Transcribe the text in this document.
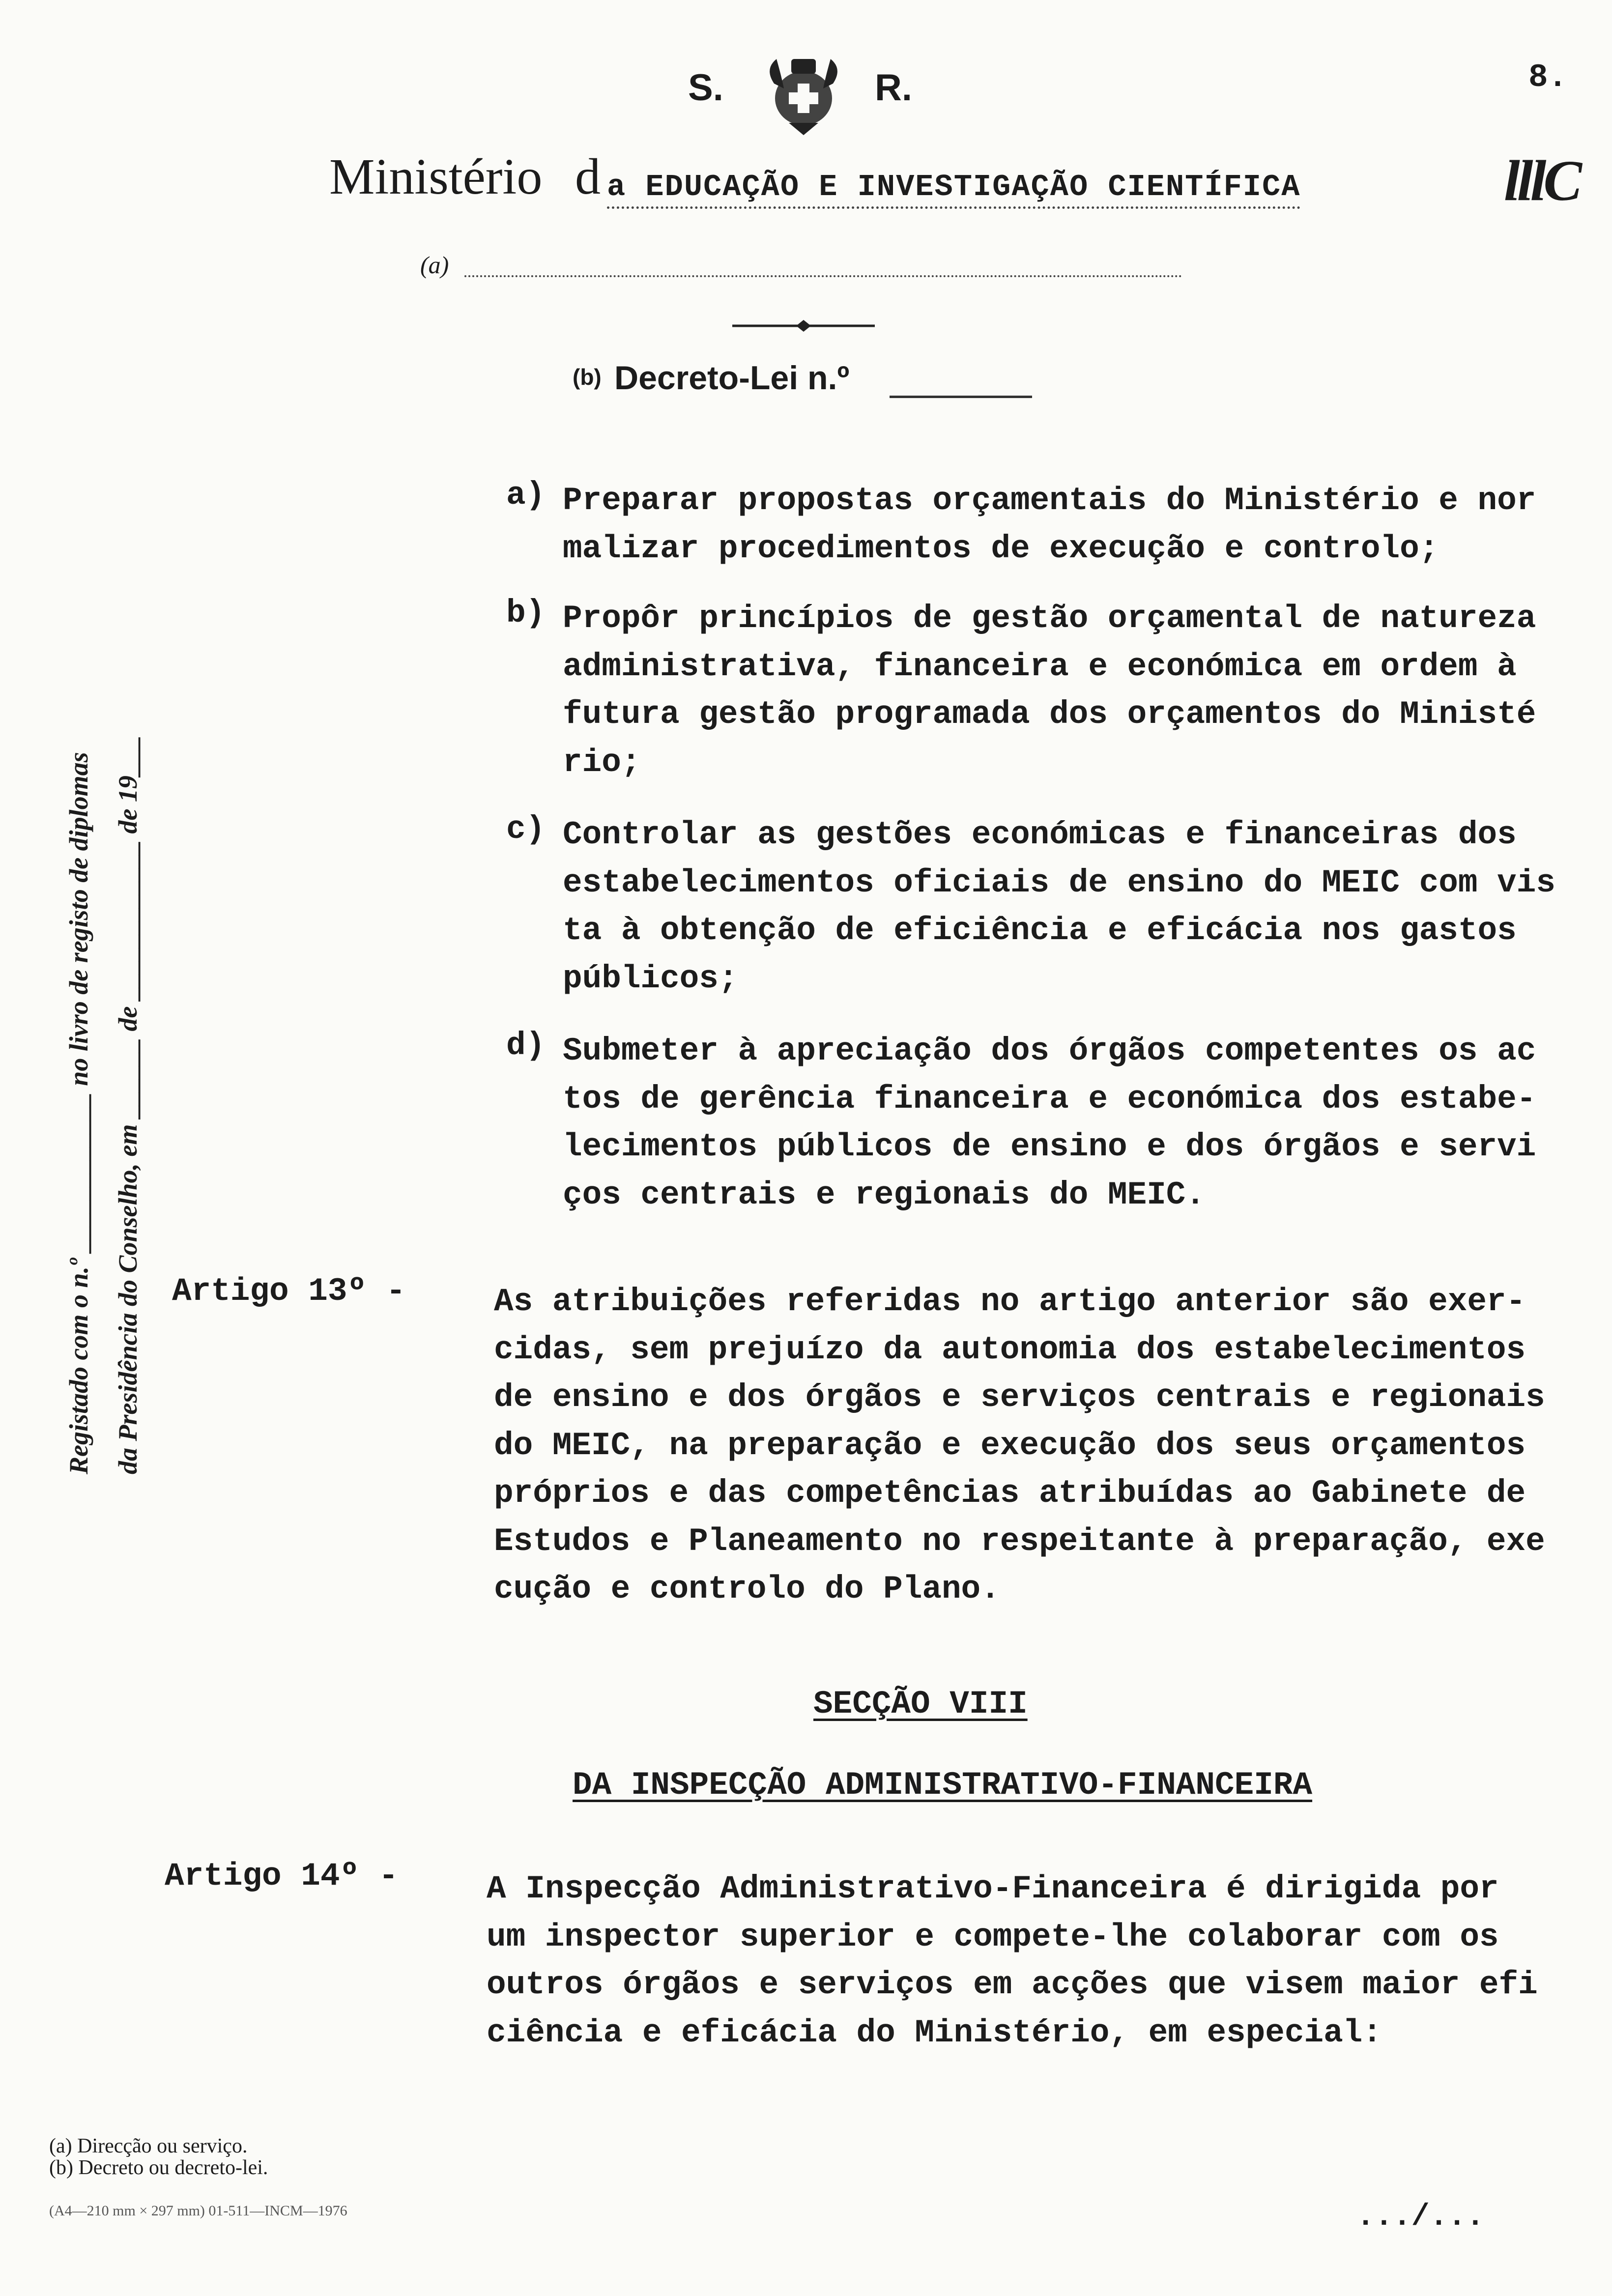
S.	R.	8.
lllC
Ministério d a EDUCAÇÃO E INVESTIGAÇÃO CIENTÍFICA
(a)
(b) Decreto-Lei n.º
Registado com o n.º ____________ no livro de registo de diplomas da Presidência do Conselho, em ______ de ____________ de 19___
a) Preparar propostas orçamentais do Ministério e nor
malizar procedimentos de execução e controlo;
b) Propôr princípios de gestão orçamental de natureza
administrativa, financeira e económica em ordem à
futura gestão programada dos orçamentos do Ministé
rio;
c) Controlar as gestões económicas e financeiras dos
estabelecimentos oficiais de ensino do MEIC com vis
ta à obtenção de eficiência e eficácia nos gastos
públicos;
d) Submeter à apreciação dos órgãos competentes os ac
tos de gerência financeira e económica dos estabe-
lecimentos públicos de ensino e dos órgãos e servi
ços centrais e regionais do MEIC.
Artigo 13º -	As atribuições referidas no artigo anterior são exer-
cidas, sem prejuízo da autonomia dos estabelecimentos
de ensino e dos órgãos e serviços centrais e regionais
do MEIC, na preparação e execução dos seus orçamentos
próprios e das competências atribuídas ao Gabinete de
Estudos e Planeamento no respeitante à preparação, exe
cução e controlo do Plano.
SECÇÃO VIII
DA INSPECÇÃO ADMINISTRATIVO-FINANCEIRA
Artigo 14º -	A Inspecção Administrativo-Financeira é dirigida por
um inspector superior e compete-lhe colaborar com os
outros órgãos e serviços em acções que visem maior efi
ciência e eficácia do Ministério, em especial:
(a) Direcção ou serviço.
(b) Decreto ou decreto-lei.
(A4—210 mm × 297 mm) 01-511—INCM—1976	.../...
